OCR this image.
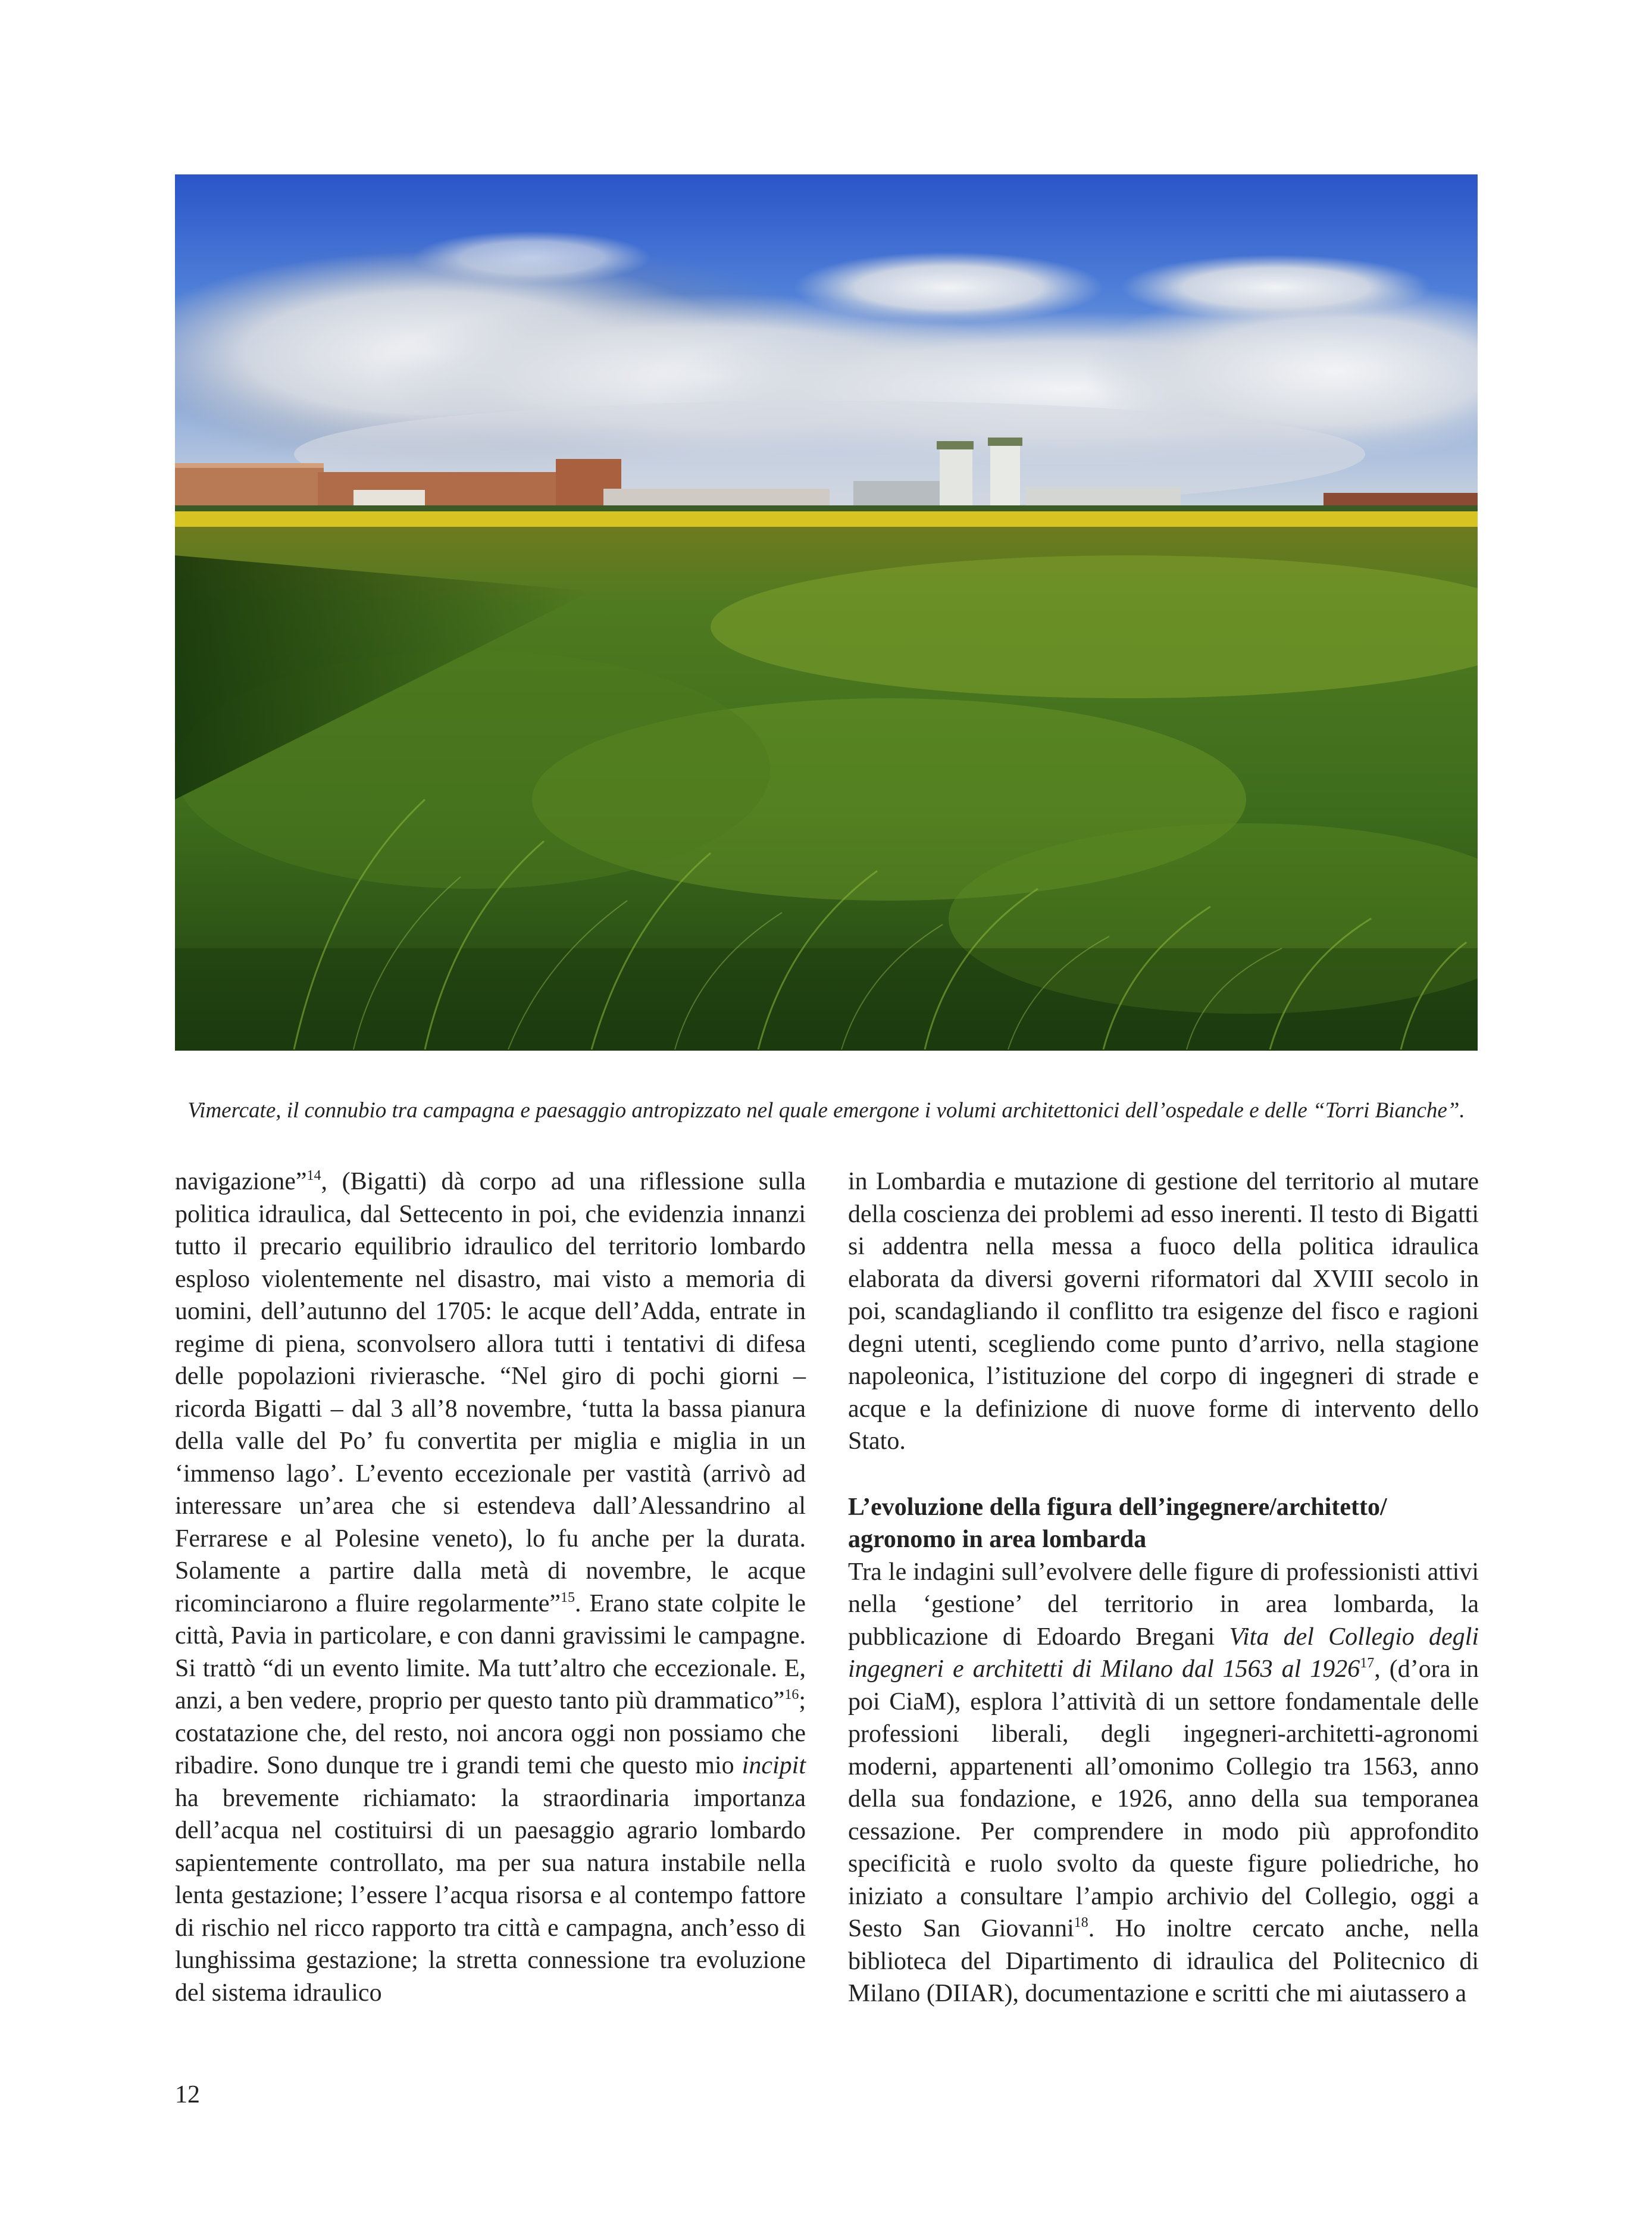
Vimercate, il connubio tra campagna e paesaggio antropizzato nel quale emergone i volumi architettonici dell’ospedale e delle “Torri Bianche”.

navigazione”$^{14}$, (Bigatti) dà corpo ad una riflessione sulla politica idraulica, dal Settecento in poi, che evidenzia innanzi tutto il precario equilibrio idraulico del territorio lombardo esploso violentemente nel disastro, mai visto a memoria di uomini, dell’autunno del 1705: le acque dell’Adda, entrate in regime di piena, sconvolsero allora tutti i tentativi di difesa delle popolazioni rivierasche. “Nel giro di pochi giorni – ricorda Bigatti – dal 3 all’8 novembre, ‘tutta la bassa pianura della valle del Po’ fu convertita per miglia e miglia in un ‘immenso lago’. L’evento eccezionale per vastità (arrivò ad interessare un’area che si estendeva dall’Alessandrino al Ferrarese e al Polesine veneto), lo fu anche per la durata. Solamente a partire dalla metà di novembre, le acque ricominciarono a fluire regolarmente”$^{15}$. Erano state colpite le città, Pavia in particolare, e con danni gravissimi le campagne. Si trattò “di un evento limite. Ma tutt’altro che eccezionale. E, anzi, a ben vedere, proprio per questo tanto più drammatico”$^{16}$; costatazione che, del resto, noi ancora oggi non possiamo che ribadire. Sono dunque tre i grandi temi che questo mio incipit ha brevemente richiamato: la straordinaria importanza dell’acqua nel costituirsi di un paesaggio agrario lombardo sapientemente controllato, ma per sua natura instabile nella lenta gestazione; l’essere l’acqua risorsa e al contempo fattore di rischio nel ricco rapporto tra città e campagna, anch’esso di lunghissima gestazione; la stretta connessione tra evoluzione del sistema idraulico

in Lombardia e mutazione di gestione del territorio al mutare della coscienza dei problemi ad esso inerenti. Il testo di Bigatti si addentra nella messa a fuoco della politica idraulica elaborata da diversi governi riformatori dal XVIII secolo in poi, scandagliando il conflitto tra esigenze del fisco e ragioni degni utenti, scegliendo come punto d’arrivo, nella stagione napoleonica, l’istituzione del corpo di ingegneri di strade e acque e la definizione di nuove forme di intervento dello Stato.

L’evoluzione della figura dell’ingegnere/architetto/ agronomo in area lombarda

Tra le indagini sull’evolvere delle figure di professionisti attivi nella ‘gestione’ del territorio in area lombarda, la pubblicazione di Edoardo Bregani Vita del Collegio degli ingegneri e architetti di Milano dal 1563 al 1926$^{17}$, (d’ora in poi CiaM), esplora l’attività di un settore fondamentale delle professioni liberali, degli ingegneri-architetti-agronomi moderni, appartenenti all’omonimo Collegio tra 1563, anno della sua fondazione, e 1926, anno della sua temporanea cessazione. Per comprendere in modo più approfondito specificità e ruolo svolto da queste figure poliedriche, ho iniziato a consultare l’ampio archivio del Collegio, oggi a Sesto San Giovanni$^{18}$. Ho inoltre cercato anche, nella biblioteca del Dipartimento di idraulica del Politecnico di Milano (DIIAR), documentazione e scritti che mi aiutassero a

12
